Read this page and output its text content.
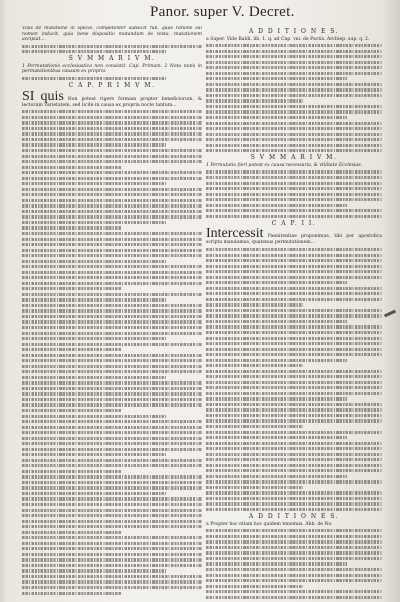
Panor. super V. Decret.

Visis de mutatione in specie, competenter subsicit rub. quae ratione sui nomen inducit, quia bene dispositio mutandum de testa. mutationem accipiat...

S V M M A R I V M.

1 Permutationis ecclesiastica non consistit. Cap. Primum. 2 Nota notis in permutationibus causam ex proprio.

C A P. P R I M V M.

SI quis Non potest rigere formam propter beneficiorum, & lectorum varietatem, sed licitè in causa ex propria nocte tantum...

A D D I T I O N E S.

a Super. Vide Baldi. lib. 1. q. ad Cap. vni. de Pactis. Archiep. sup. q. 2.

S V M M A R I V M.

1 Permutatio fieri potest ex causa necessaria, & vtilitate Ecclesiae.

C A P. I I.

Intercessit Paenitentiae proponimus, tibi per apostolica scripta mandamus, quatenus permutationem...

A D D I T I O N E S.

a Propter hoc etiam hoc quidem tenemus. Abb. de No.
